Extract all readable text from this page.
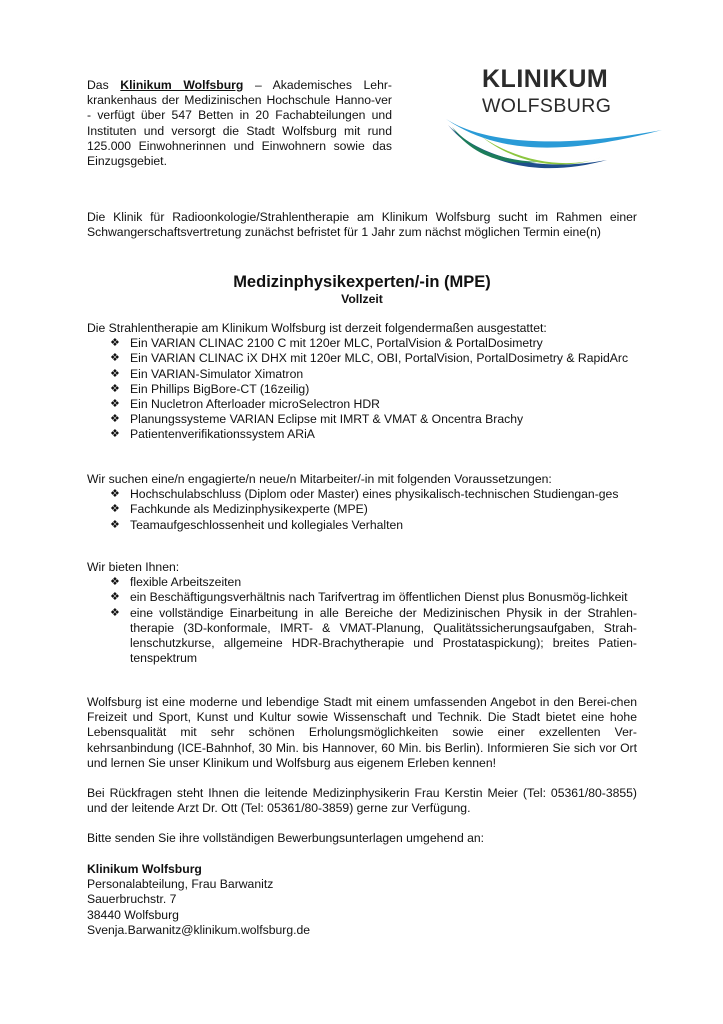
Das Klinikum Wolfsburg – Akademisches Lehr-krankenhaus der Medizinischen Hochschule Hanno-ver - verfügt über 547 Betten in 20 Fachabteilungen und Instituten und versorgt die Stadt Wolfsburg mit rund 125.000 Einwohnerinnen und Einwohnern sowie das Einzugsgebiet.

KLINIKUM
WOLFSBURG

Die Klinik für Radioonkologie/Strahlentherapie am Klinikum Wolfsburg sucht im Rahmen einer Schwangerschaftsvertretung zunächst befristet für 1 Jahr zum nächst möglichen Termin eine(n)

Medizinphysikexperten/-in (MPE)
Vollzeit

Die Strahlentherapie am Klinikum Wolfsburg ist derzeit folgendermaßen ausgestattet:

❖ Ein VARIAN CLINAC 2100 C mit 120er MLC, PortalVision & PortalDosimetry
❖ Ein VARIAN CLINAC iX DHX mit 120er MLC, OBI, PortalVision, PortalDosimetry & RapidArc
❖ Ein VARIAN-Simulator Ximatron
❖ Ein Phillips BigBore-CT (16zeilig)
❖ Ein Nucletron Afterloader microSelectron HDR
❖ Planungssysteme VARIAN Eclipse mit IMRT & VMAT & Oncentra Brachy
❖ Patientenverifikationssystem ARiA

Wir suchen eine/n engagierte/n neue/n Mitarbeiter/-in mit folgenden Voraussetzungen:

❖ Hochschulabschluss (Diplom oder Master) eines physikalisch-technischen Studiengan-ges
❖ Fachkunde als Medizinphysikexperte (MPE)
❖ Teamaufgeschlossenheit und kollegiales Verhalten

Wir bieten Ihnen:

❖ flexible Arbeitszeiten
❖ ein Beschäftigungsverhältnis nach Tarifvertrag im öffentlichen Dienst plus Bonusmög-lichkeit
❖ eine vollständige Einarbeitung in alle Bereiche der Medizinischen Physik in der Strahlen-therapie (3D-konformale, IMRT- & VMAT-Planung, Qualitätssicherungsaufgaben, Strah-lenschutzkurse, allgemeine HDR-Brachytherapie und Prostataspickung); breites Patien-tenspektrum

Wolfsburg ist eine moderne und lebendige Stadt mit einem umfassenden Angebot in den Berei-chen Freizeit und Sport, Kunst und Kultur sowie Wissenschaft und Technik. Die Stadt bietet eine hohe Lebensqualität mit sehr schönen Erholungsmöglichkeiten sowie einer exzellenten Ver-kehrsanbindung (ICE-Bahnhof, 30 Min. bis Hannover, 60 Min. bis Berlin). Informieren Sie sich vor Ort und lernen Sie unser Klinikum und Wolfsburg aus eigenem Erleben kennen!

Bei Rückfragen steht Ihnen die leitende Medizinphysikerin Frau Kerstin Meier (Tel: 05361/80-3855) und der leitende Arzt Dr. Ott (Tel: 05361/80-3859) gerne zur Verfügung.

Bitte senden Sie ihre vollständigen Bewerbungsunterlagen umgehend an:

Klinikum Wolfsburg
Personalabteilung, Frau Barwanitz
Sauerbruchstr. 7
38440 Wolfsburg
Svenja.Barwanitz@klinikum.wolfsburg.de
